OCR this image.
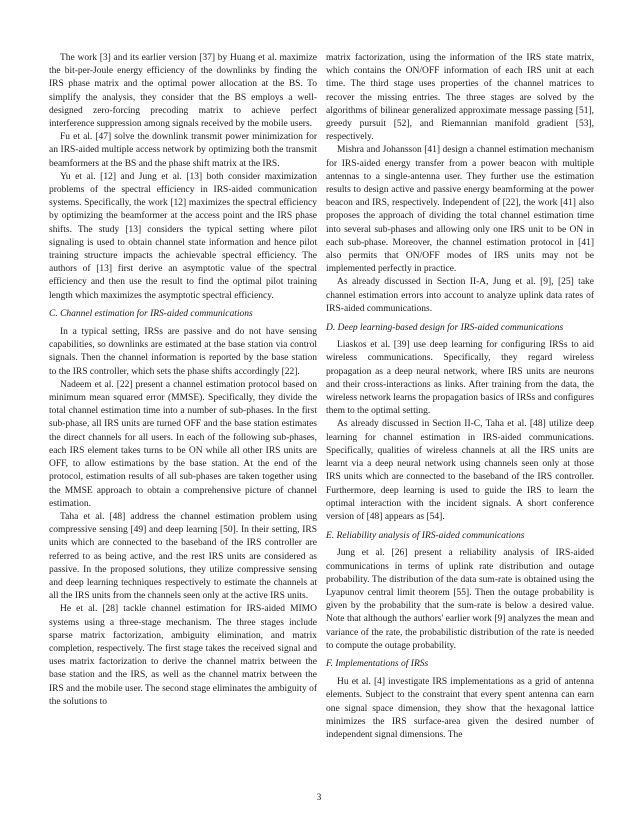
The work [3] and its earlier version [37] by Huang et al. maximize the bit-per-Joule energy efficiency of the downlinks by finding the IRS phase matrix and the optimal power allocation at the BS. To simplify the analysis, they consider that the BS employs a well-designed zero-forcing precoding matrix to achieve perfect interference suppression among signals received by the mobile users.

Fu et al. [47] solve the downlink transmit power minimization for an IRS-aided multiple access network by optimizing both the transmit beamformers at the BS and the phase shift matrix at the IRS.

Yu et al. [12] and Jung et al. [13] both consider maximization problems of the spectral efficiency in IRS-aided communication systems. Specifically, the work [12] maximizes the spectral efficiency by optimizing the beamformer at the access point and the IRS phase shifts. The study [13] considers the typical setting where pilot signaling is used to obtain channel state information and hence pilot training structure impacts the achievable spectral efficiency. The authors of [13] first derive an asymptotic value of the spectral efficiency and then use the result to find the optimal pilot training length which maximizes the asymptotic spectral efficiency.

C. Channel estimation for IRS-aided communications

In a typical setting, IRSs are passive and do not have sensing capabilities, so downlinks are estimated at the base station via control signals. Then the channel information is reported by the base station to the IRS controller, which sets the phase shifts accordingly [22].

Nadeem et al. [22] present a channel estimation protocol based on minimum mean squared error (MMSE). Specifically, they divide the total channel estimation time into a number of sub-phases. In the first sub-phase, all IRS units are turned OFF and the base station estimates the direct channels for all users. In each of the following sub-phases, each IRS element takes turns to be ON while all other IRS units are OFF, to allow estimations by the base station. At the end of the protocol, estimation results of all sub-phases are taken together using the MMSE approach to obtain a comprehensive picture of channel estimation.

Taha et al. [48] address the channel estimation problem using compressive sensing [49] and deep learning [50]. In their setting, IRS units which are connected to the baseband of the IRS controller are referred to as being active, and the rest IRS units are considered as passive. In the proposed solutions, they utilize compressive sensing and deep learning techniques respectively to estimate the channels at all the IRS units from the channels seen only at the active IRS units.

He et al. [28] tackle channel estimation for IRS-aided MIMO systems using a three-stage mechanism. The three stages include sparse matrix factorization, ambiguity elimination, and matrix completion, respectively. The first stage takes the received signal and uses matrix factorization to derive the channel matrix between the base station and the IRS, as well as the channel matrix between the IRS and the mobile user. The second stage eliminates the ambiguity of the solutions to

matrix factorization, using the information of the IRS state matrix, which contains the ON/OFF information of each IRS unit at each time. The third stage uses properties of the channel matrices to recover the missing entries. The three stages are solved by the algorithms of bilinear generalized approximate message passing [51], greedy pursuit [52], and Riemannian manifold gradient [53], respectively.

Mishra and Johansson [41] design a channel estimation mechanism for IRS-aided energy transfer from a power beacon with multiple antennas to a single-antenna user. They further use the estimation results to design active and passive energy beamforming at the power beacon and IRS, respectively. Independent of [22], the work [41] also proposes the approach of dividing the total channel estimation time into several sub-phases and allowing only one IRS unit to be ON in each sub-phase. Moreover, the channel estimation protocol in [41] also permits that ON/OFF modes of IRS units may not be implemented perfectly in practice.

As already discussed in Section II-A, Jung et al. [9], [25] take channel estimation errors into account to analyze uplink data rates of IRS-aided communications.

D. Deep learning-based design for IRS-aided communications

Liaskos et al. [39] use deep learning for configuring IRSs to aid wireless communications. Specifically, they regard wireless propagation as a deep neural network, where IRS units are neurons and their cross-interactions as links. After training from the data, the wireless network learns the propagation basics of IRSs and configures them to the optimal setting.

As already discussed in Section II-C, Taha et al. [48] utilize deep learning for channel estimation in IRS-aided communications. Specifically, qualities of wireless channels at all the IRS units are learnt via a deep neural network using channels seen only at those IRS units which are connected to the baseband of the IRS controller. Furthermore, deep learning is used to guide the IRS to learn the optimal interaction with the incident signals. A short conference version of [48] appears as [54].

E. Reliability analysis of IRS-aided communications

Jung et al. [26] present a reliability analysis of IRS-aided communications in terms of uplink rate distribution and outage probability. The distribution of the data sum-rate is obtained using the Lyapunov central limit theorem [55]. Then the outage probability is given by the probability that the sum-rate is below a desired value. Note that although the authors' earlier work [9] analyzes the mean and variance of the rate, the probabilistic distribution of the rate is needed to compute the outage probability.

F. Implementations of IRSs

Hu et al. [4] investigate IRS implementations as a grid of antenna elements. Subject to the constraint that every spent antenna can earn one signal space dimension, they show that the hexagonal lattice minimizes the IRS surface-area given the desired number of independent signal dimensions. The

3
